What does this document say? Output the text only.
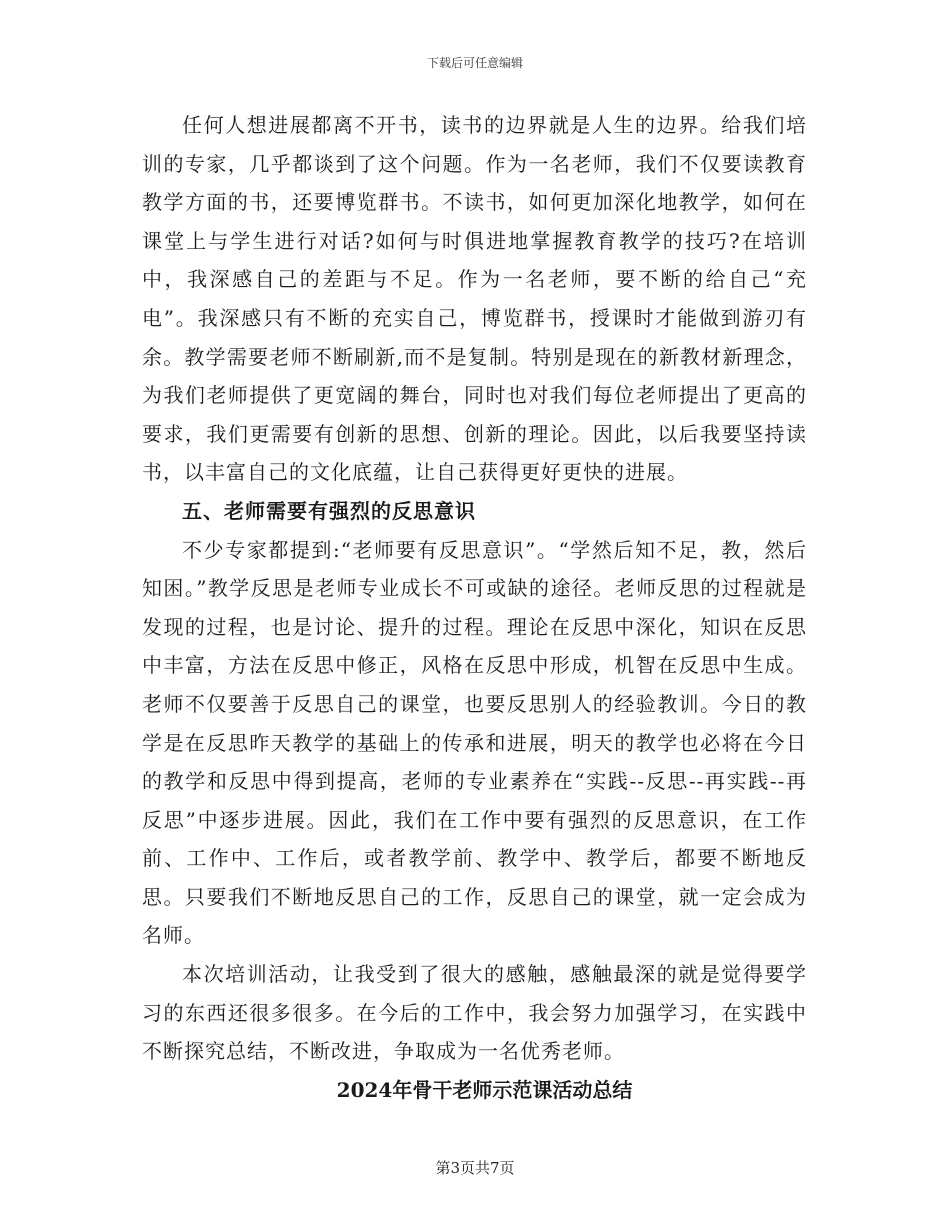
下载后可任意编辑

任何人想进展都离不开书，读书的边界就是人生的边界。给我们培训的专家，几乎都谈到了这个问题。作为一名老师，我们不仅要读教育教学方面的书，还要博览群书。不读书，如何更加深化地教学，如何在课堂上与学生进行对话?如何与时俱进地掌握教育教学的技巧?在培训中，我深感自己的差距与不足。作为一名老师，要不断的给自己“充电”。我深感只有不断的充实自己，博览群书，授课时才能做到游刃有余。教学需要老师不断刷新,而不是复制。特别是现在的新教材新理念，为我们老师提供了更宽阔的舞台，同时也对我们每位老师提出了更高的要求，我们更需要有创新的思想、创新的理论。因此，以后我要坚持读书，以丰富自己的文化底蕴，让自己获得更好更快的进展。

五、老师需要有强烈的反思意识

不少专家都提到:“老师要有反思意识”。“学然后知不足，教，然后知困。”教学反思是老师专业成长不可或缺的途径。老师反思的过程就是发现的过程，也是讨论、提升的过程。理论在反思中深化，知识在反思中丰富，方法在反思中修正，风格在反思中形成，机智在反思中生成。老师不仅要善于反思自己的课堂，也要反思别人的经验教训。今日的教学是在反思昨天教学的基础上的传承和进展，明天的教学也必将在今日的教学和反思中得到提高，老师的专业素养在“实践--反思--再实践--再反思”中逐步进展。因此，我们在工作中要有强烈的反思意识，在工作前、工作中、工作后，或者教学前、教学中、教学后，都要不断地反思。只要我们不断地反思自己的工作，反思自己的课堂，就一定会成为名师。

本次培训活动，让我受到了很大的感触，感触最深的就是觉得要学习的东西还很多很多。在今后的工作中，我会努力加强学习，在实践中不断探究总结，不断改进，争取成为一名优秀老师。

2024年骨干老师示范课活动总结

第3页共7页
